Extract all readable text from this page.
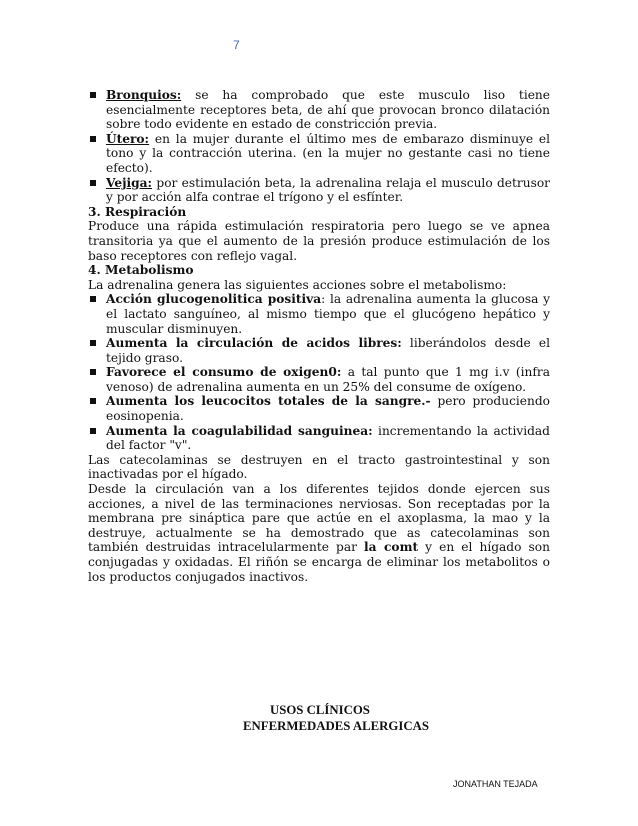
7
Bronquios: se ha comprobado que este musculo liso tiene esencialmente receptores beta, de ahí que provocan bronco dilatación sobre todo evidente en estado de constricción previa.
Útero: en la mujer durante el último mes de embarazo disminuye el tono y la contracción uterina. (en la mujer no gestante casi no tiene efecto).
Vejiga: por estimulación beta, la adrenalina relaja el musculo detrusor y por acción alfa contrae el trígono y el esfínter.

3. Respiración

Produce una rápida estimulación respiratoria pero luego se ve apnea transitoria ya que el aumento de la presión produce estimulación de los baso receptores con reflejo vagal.

4. Metabolismo

La adrenalina genera las siguientes acciones sobre el metabolismo:

Acción glucogenolitica positiva: la adrenalina aumenta la glucosa y el lactato sanguíneo, al mismo tiempo que el glucógeno hepático y muscular disminuyen.
Aumenta la circulación de acidos libres: liberándolos desde el tejido graso.
Favorece el consumo de oxigen0: a tal punto que 1 mg i.v (infra venoso) de adrenalina aumenta en un 25% del consume de oxígeno.
Aumenta los leucocitos totales de la sangre.- pero produciendo eosinopenia.
Aumenta la coagulabilidad sanguinea: incrementando la actividad del factor "v".

Las catecolaminas se destruyen en el tracto gastrointestinal y son inactivadas por el hígado.

Desde la circulación van a los diferentes tejidos donde ejercen sus acciones, a nivel de las terminaciones nerviosas. Son receptadas por la membrana pre sináptica pare que actúe en el axoplasma, la mao y la destruye, actualmente se ha demostrado que as catecolaminas son también destruidas intracelularmente par la comt y en el hígado son conjugadas y oxidadas. El riñón se encarga de eliminar los metabolitos o los productos conjugados inactivos.

USOS CLÍNICOS
ENFERMEDADES ALERGICAS
JONATHAN TEJADA
